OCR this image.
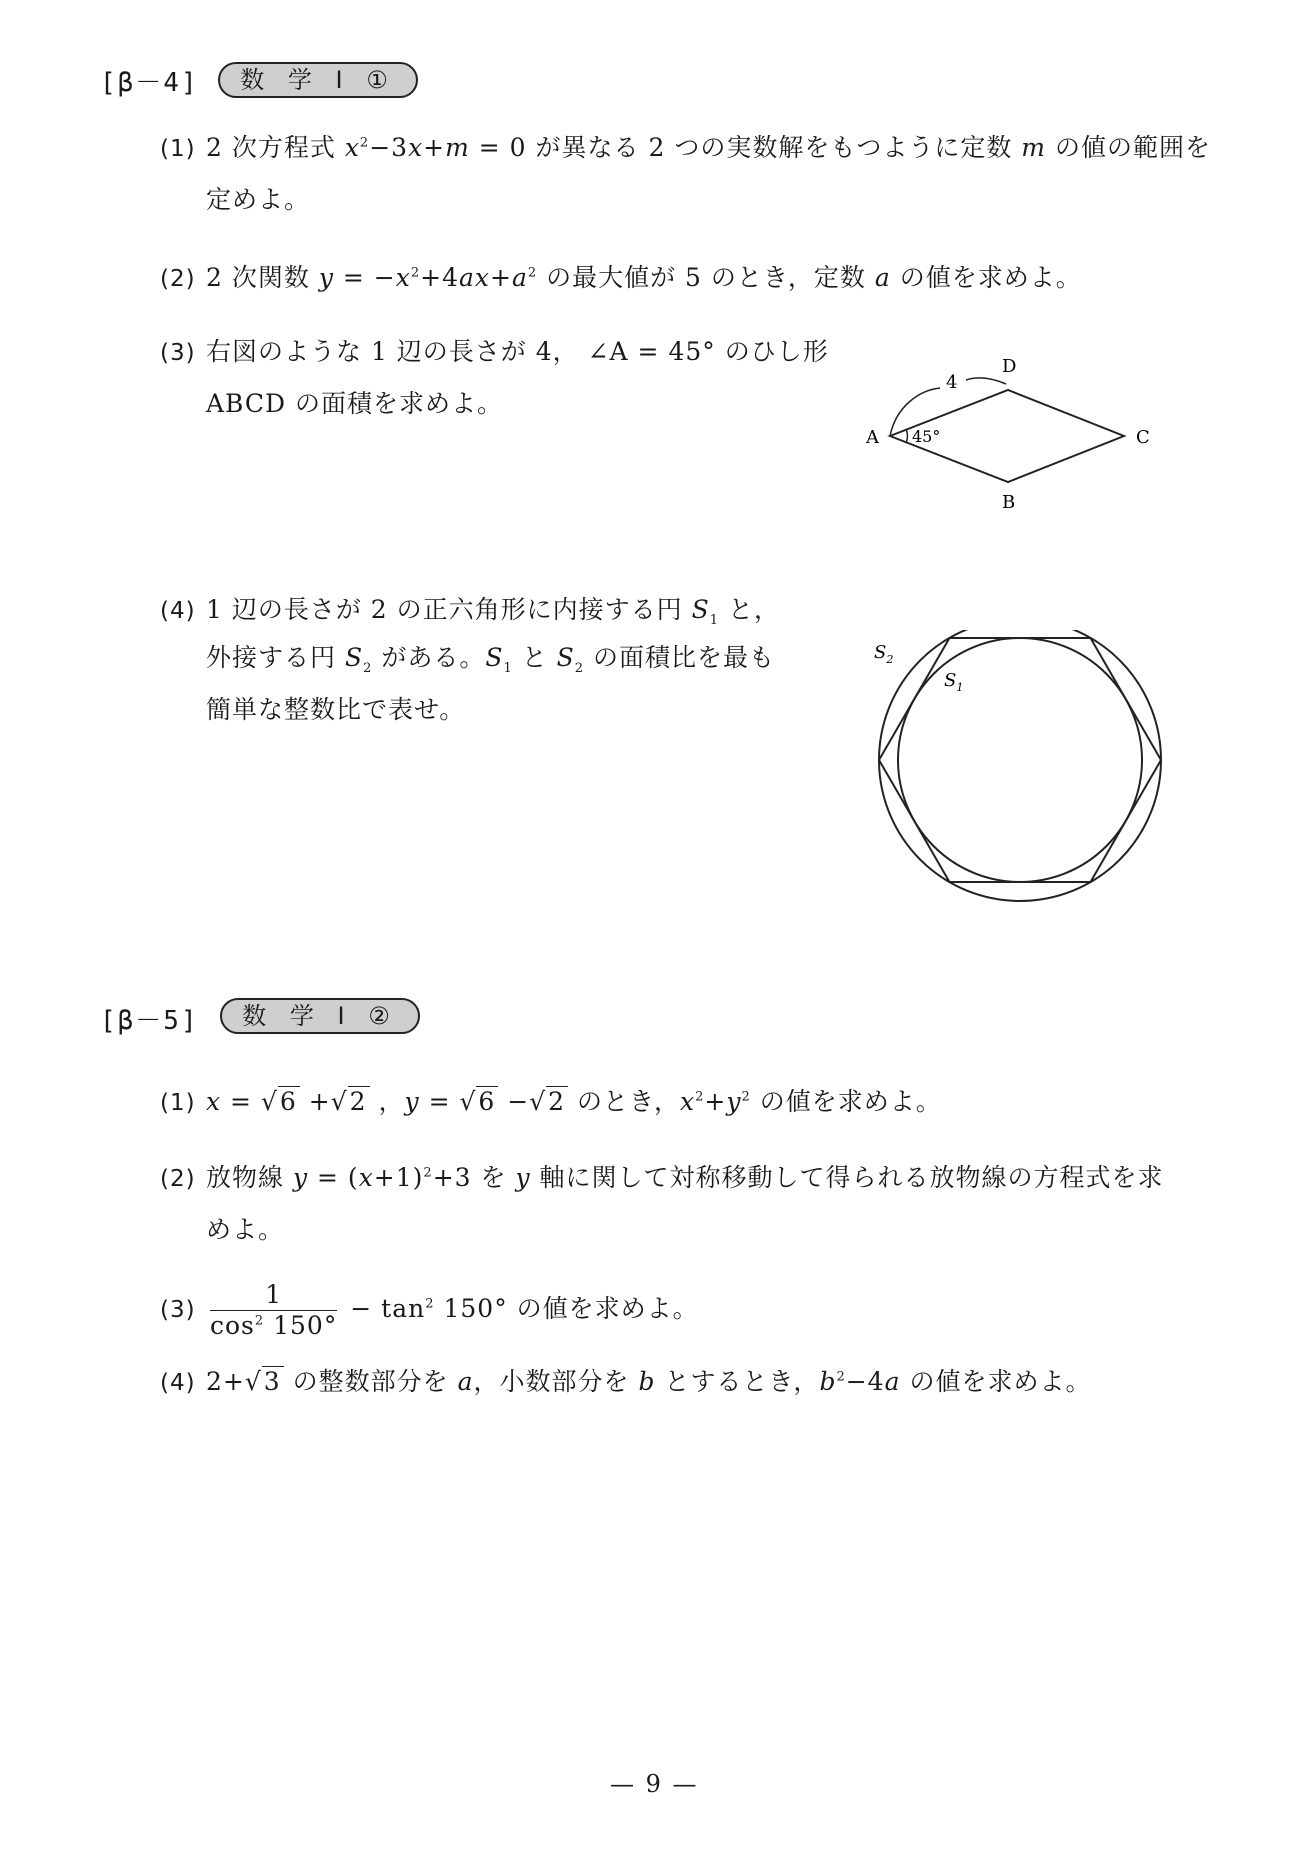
[β－4]	数 学 Ⅰ ①
(1) 2 次方程式 $x^2-3x+m = 0$ が異なる 2 つの実数解をもつように定数 m の値の範囲を
定めよ。
(2) 2 次関数 $y = -x^2+4ax+a^2$ の最大値が 5 のとき，定数 a の値を求めよ。
(3) 右図のような 1 辺の長さが 4， ∠A = 45° のひし形
ABCD の面積を求めよ。
4
D
A 45°	C
B
(4) 1 辺の長さが 2 の正六角形に内接する円 $S_1$ と，
外接する円 $S_2$ がある。$S_1$ と $S_2$ の面積比を最も
簡単な整数比で表せ。
$S_2$
$S_1$
[β－5]	数 学 Ⅰ ②
(1) x = √6 +√2 ，y = √6 −√2 のとき，$x^2+y^2$ の値を求めよ。
(2) 放物線 $y = (x+1)^2+3$ を y 軸に関して対称移動して得られる放物線の方程式を求
めよ。
$(3) \frac{1}{\cos^2 150^\circ} - \tan^2 150^\circ$ の値を求めよ。
(4) 2+√3 の整数部分を a，小数部分を b とするとき，$b^2-4a$ の値を求めよ。
— 9 —
